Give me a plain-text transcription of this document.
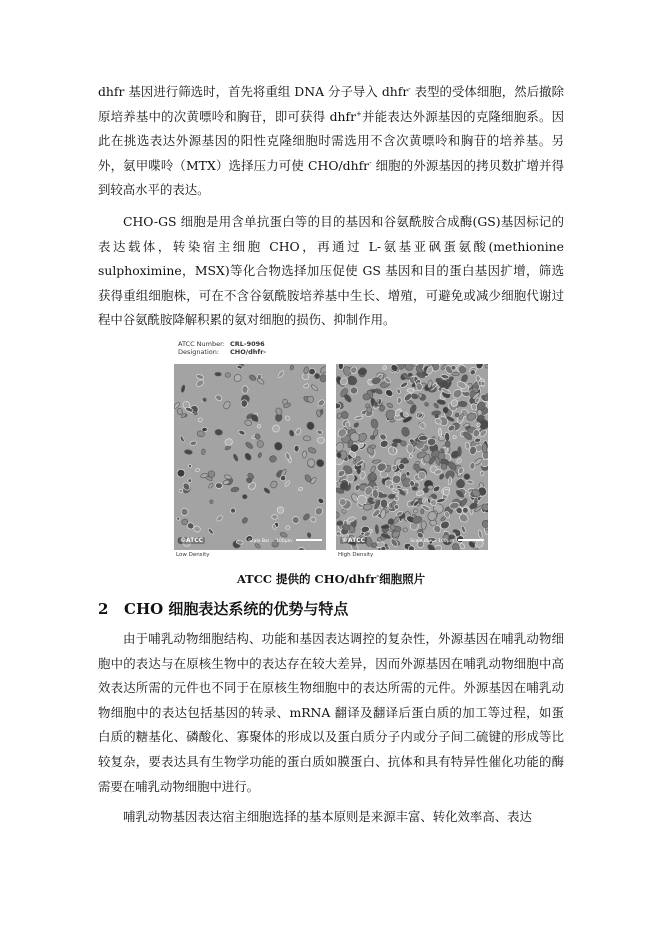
dhfr 基因进行筛选时，首先将重组 DNA 分子导入 dhfr- 表型的受体细胞，然后撤除原培养基中的次黄嘌呤和胸苷，即可获得 dhfr+并能表达外源基因的克隆细胞系。因此在挑选表达外源基因的阳性克隆细胞时需选用不含次黄嘌呤和胸苷的培养基。另外，氨甲喋呤（MTX）选择压力可使 CHO/dhfr- 细胞的外源基因的拷贝数扩增并得到较高水平的表达。

CHO-GS 细胞是用含单抗蛋白等的目的基因和谷氨酰胺合成酶(GS)基因标记的表达载体，转染宿主细胞 CHO，再通过 L-氨基亚砜蛋氨酸(methionine sulphoximine，MSX)等化合物选择加压促使 GS 基因和目的蛋白基因扩增，筛选获得重组细胞株，可在不含谷氨酰胺培养基中生长、增殖，可避免或减少细胞代谢过程中谷氨酰胺降解积累的氨对细胞的损伤、抑制作用。

ATCC Number: CRL-9096
Designation: CHO/dhfr-
©ATCC	Scale Bar = 100µm	©ATCC	Scale Bar = 100µm
Low Density	High Density
ATCC 提供的 CHO/dhfr-细胞照片
2 CHO 细胞表达系统的优势与特点

由于哺乳动物细胞结构、功能和基因表达调控的复杂性，外源基因在哺乳动物细胞中的表达与在原核生物中的表达存在较大差异，因而外源基因在哺乳动物细胞中高效表达所需的元件也不同于在原核生物细胞中的表达所需的元件。外源基因在哺乳动物细胞中的表达包括基因的转录、mRNA 翻译及翻译后蛋白质的加工等过程，如蛋白质的糖基化、磷酸化、寡聚体的形成以及蛋白质分子内或分子间二硫键的形成等比较复杂，要表达具有生物学功能的蛋白质如膜蛋白、抗体和具有特异性催化功能的酶需要在哺乳动物细胞中进行。

哺乳动物基因表达宿主细胞选择的基本原则是来源丰富、转化效率高、表达
